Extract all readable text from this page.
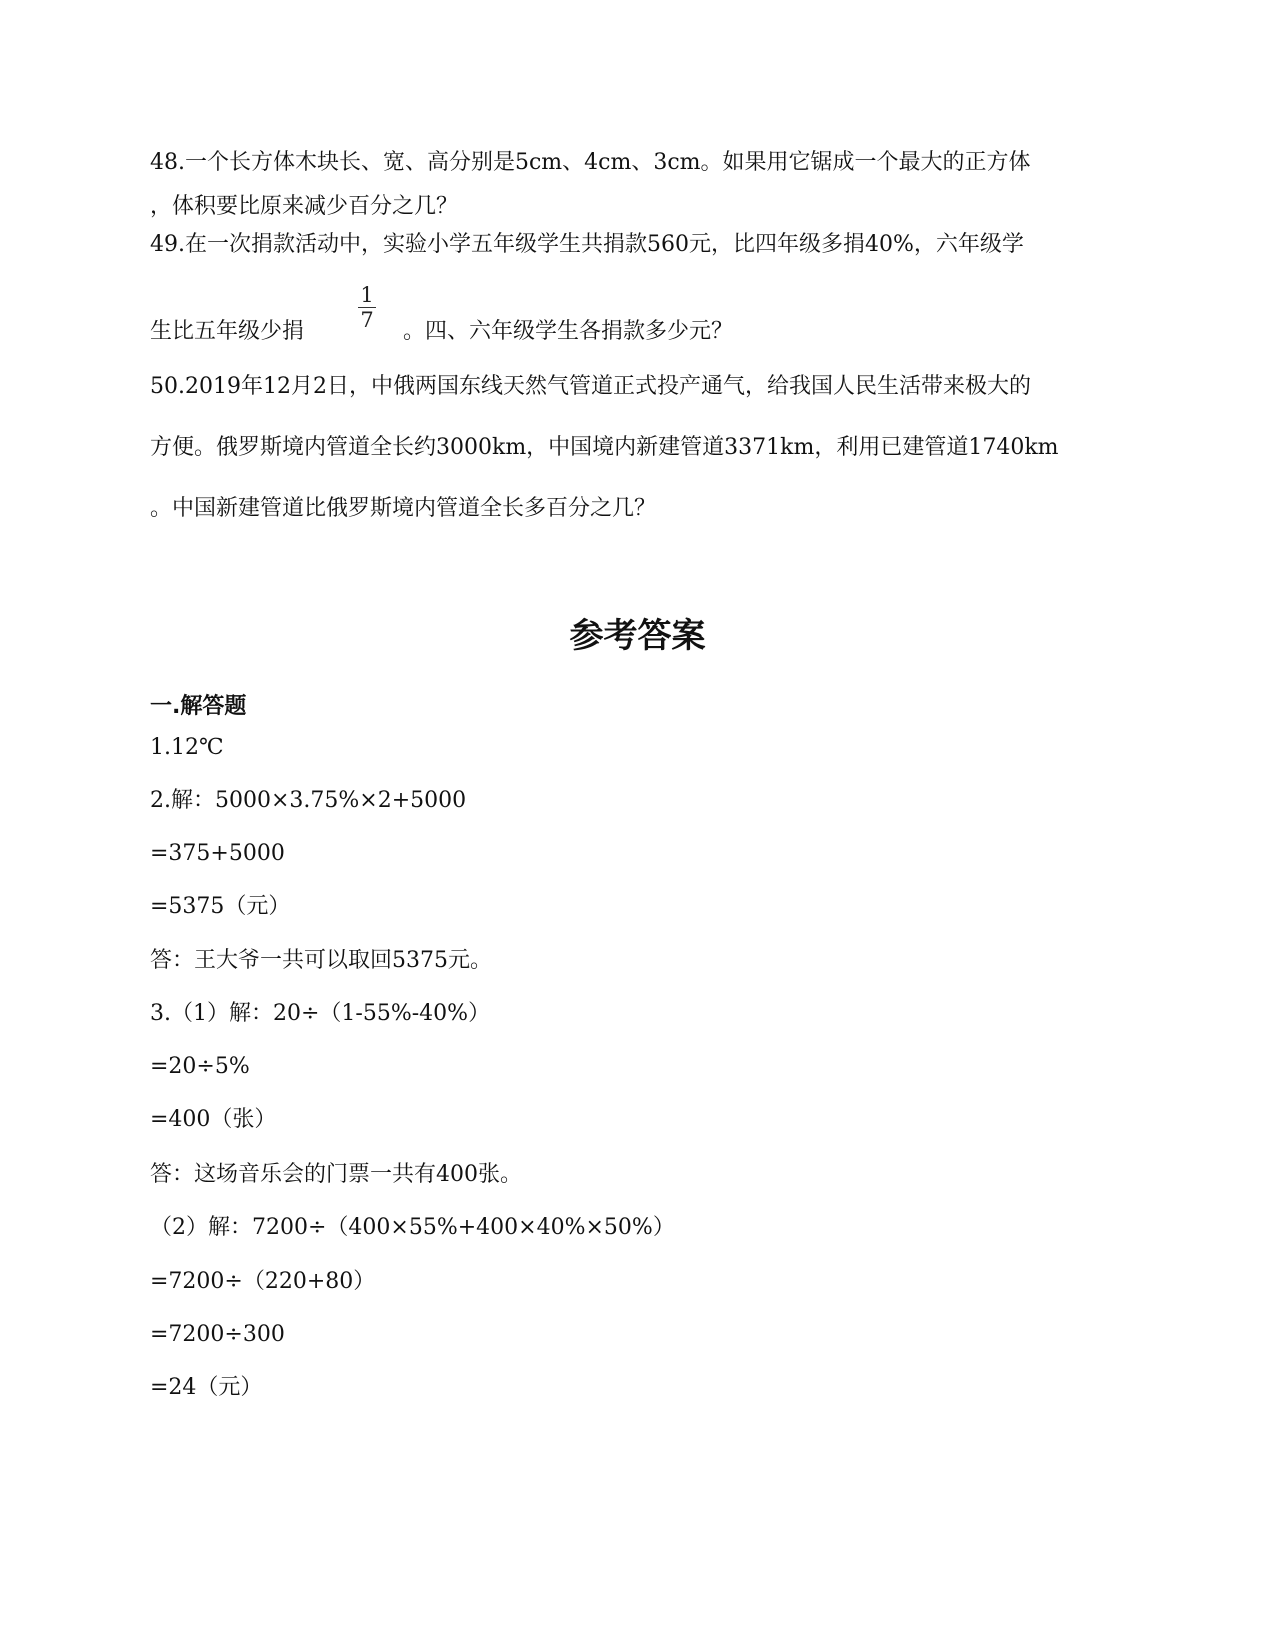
48.一个长方体木块长、宽、高分别是5cm、4cm、3cm。如果用它锯成一个最大的正方体
，体积要比原来减少百分之几？
49.在一次捐款活动中，实验小学五年级学生共捐款560元，比四年级多捐40%，六年级学
1
7
生比五年级少捐	。四、六年级学生各捐款多少元？
50.2019年12月2日，中俄两国东线天然气管道正式投产通气，给我国人民生活带来极大的
方便。俄罗斯境内管道全长约3000km，中国境内新建管道3371km，利用已建管道1740km
。中国新建管道比俄罗斯境内管道全长多百分之几？
参考答案
一.解答题
1.12℃
2.解：5000×3.75%×2+5000
=375+5000
=5375（元）
答：王大爷一共可以取回5375元。
3.（1）解：20÷（1-55%-40%）
=20÷5%
=400（张）
答：这场音乐会的门票一共有400张。
（2）解：7200÷（400×55%+400×40%×50%）
=7200÷（220+80）
=7200÷300
=24（元）
